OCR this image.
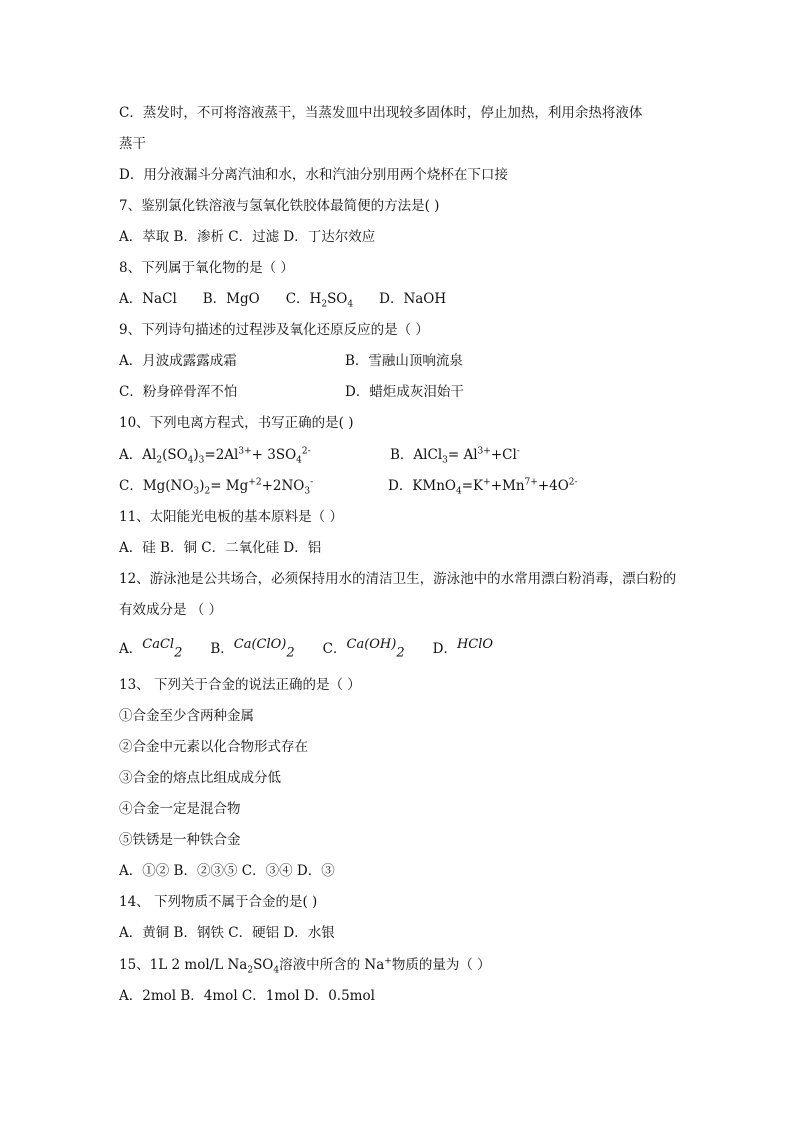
C．蒸发时，不可将溶液蒸干，当蒸发皿中出现较多固体时，停止加热，利用余热将液体
蒸干
D．用分液漏斗分离汽油和水，水和汽油分别用两个烧杯在下口接
7、鉴别氯化铁溶液与氢氧化铁胶体最简便的方法是( )
A．萃取 B．渗析 C．过滤 D．丁达尔效应
8、下列属于氧化物的是（ ）
A．NaCl B．MgO C．$H_2SO_4$ D．NaOH
9、下列诗句描述的过程涉及氧化还原反应的是（ ）
A．月波成露露成霜	B．雪融山顶响流泉
C．粉身碎骨浑不怕	D．蜡炬成灰泪始干
10、下列电离方程式，书写正确的是( )
A．$Al_2(SO_4)_3=2Al^{3+}+ 3SO_4^{2-}$	B．AlCl$_3$= $Al^{3+}+Cl^-$
C．$Mg(NO_3)_2= Mg^{+2}+2NO_3^-$	D．$KMnO_4=K^++Mn^{7+}+4O^{2-}$
11、太阳能光电板的基本原料是（ ）
A．硅 B．铜 C．二氧化硅 D．铝
12、游泳池是公共场合，必须保持用水的清洁卫生，游泳池中的水常用漂白粉消毒，漂白粉的
有效成分是 （ ）
A．CaCl$_2$ B．$Ca(ClO)_2$ C．$Ca(OH)_2$ D．HClO
13、 下列关于合金的说法正确的是（ ）
①合金至少含两种金属
②合金中元素以化合物形式存在
③合金的熔点比组成成分低
④合金一定是混合物
⑤铁锈是一种铁合金
A．①② B．②③⑤ C．③④ D．③
14、 下列物质不属于合金的是( )
A．黄铜 B．钢铁 C．硬铝 D．水银
15、1L 2 mol/L $Na_2SO_4$溶液中所含的 Na+物质的量为（ ）
A．2mol B．4mol C．1mol D．0.5mol
